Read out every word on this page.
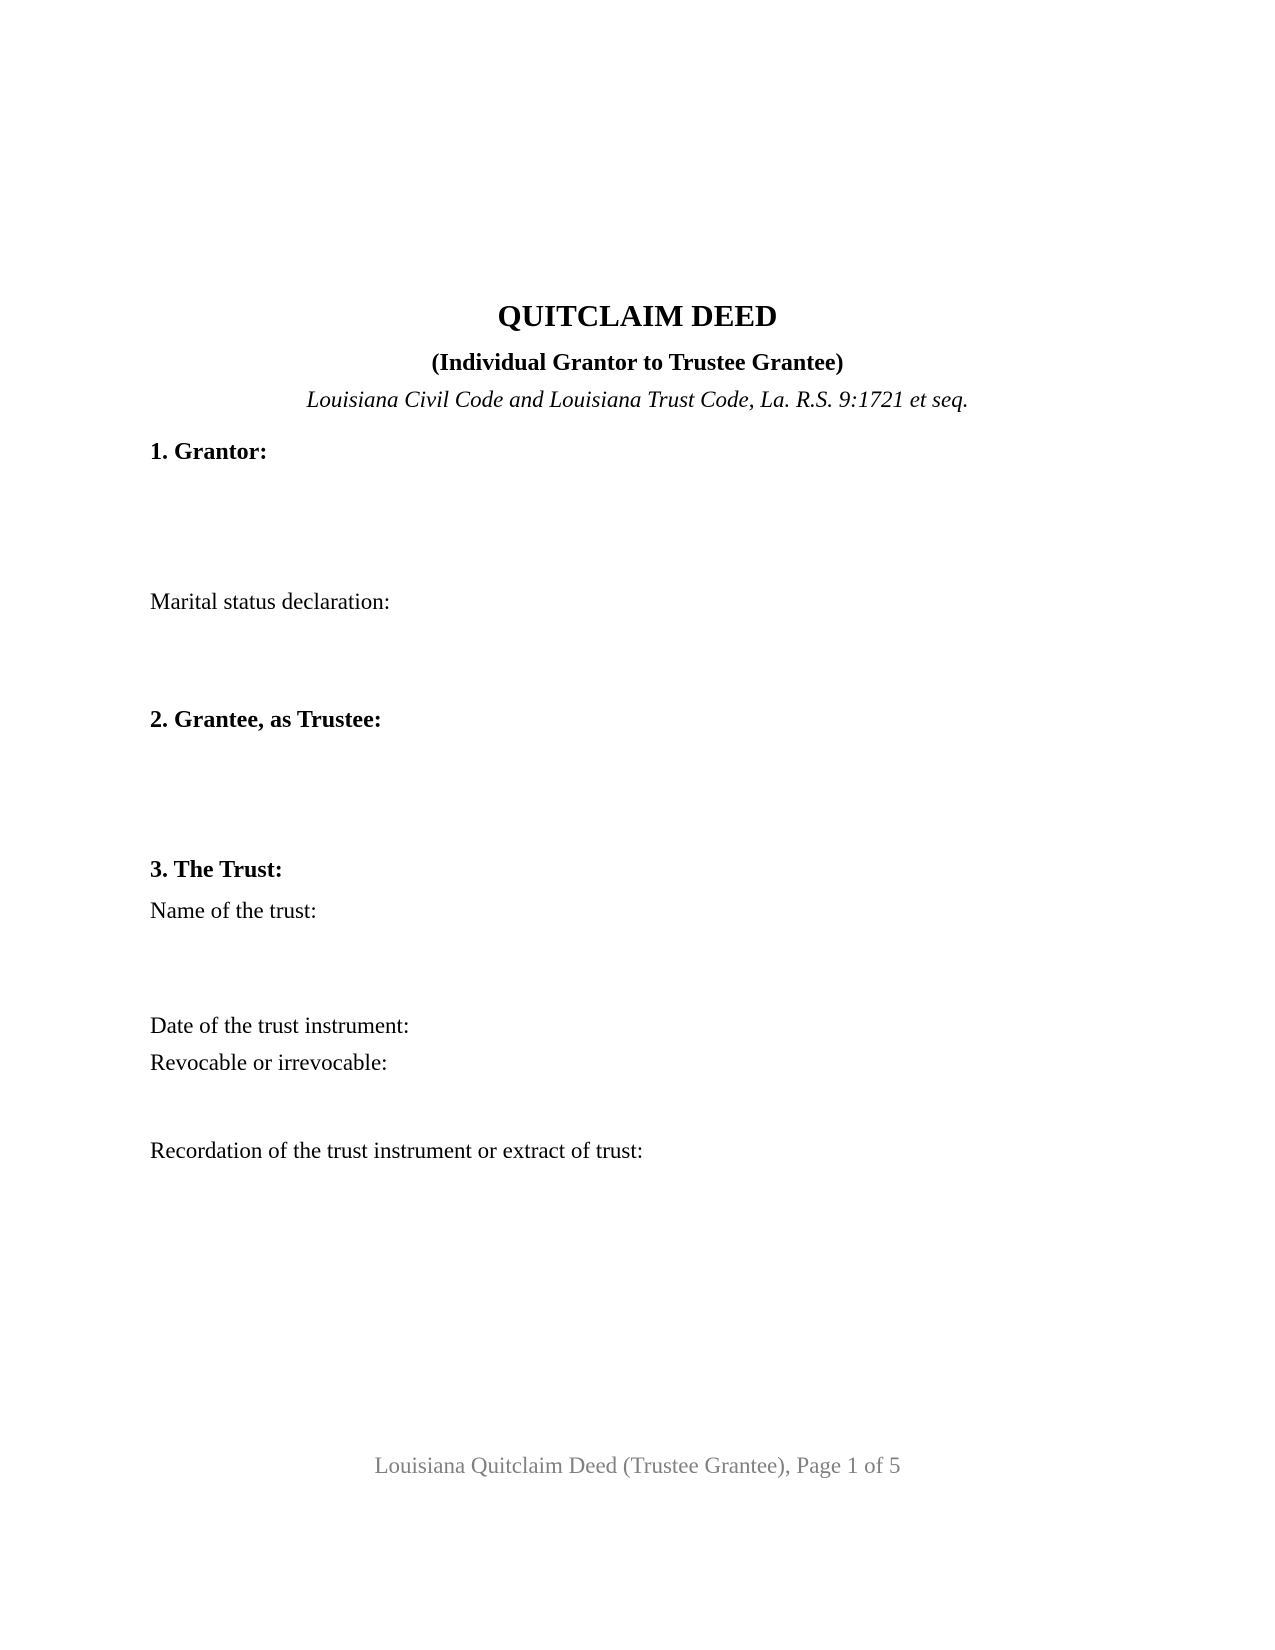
QUITCLAIM DEED
(Individual Grantor to Trustee Grantee)
Louisiana Civil Code and Louisiana Trust Code, La. R.S. 9:1721 et seq.
1. Grantor:
Marital status declaration:
2. Grantee, as Trustee:
3. The Trust:
Name of the trust:
Date of the trust instrument:
Revocable or irrevocable:
Recordation of the trust instrument or extract of trust:
Louisiana Quitclaim Deed (Trustee Grantee), Page 1 of 5
